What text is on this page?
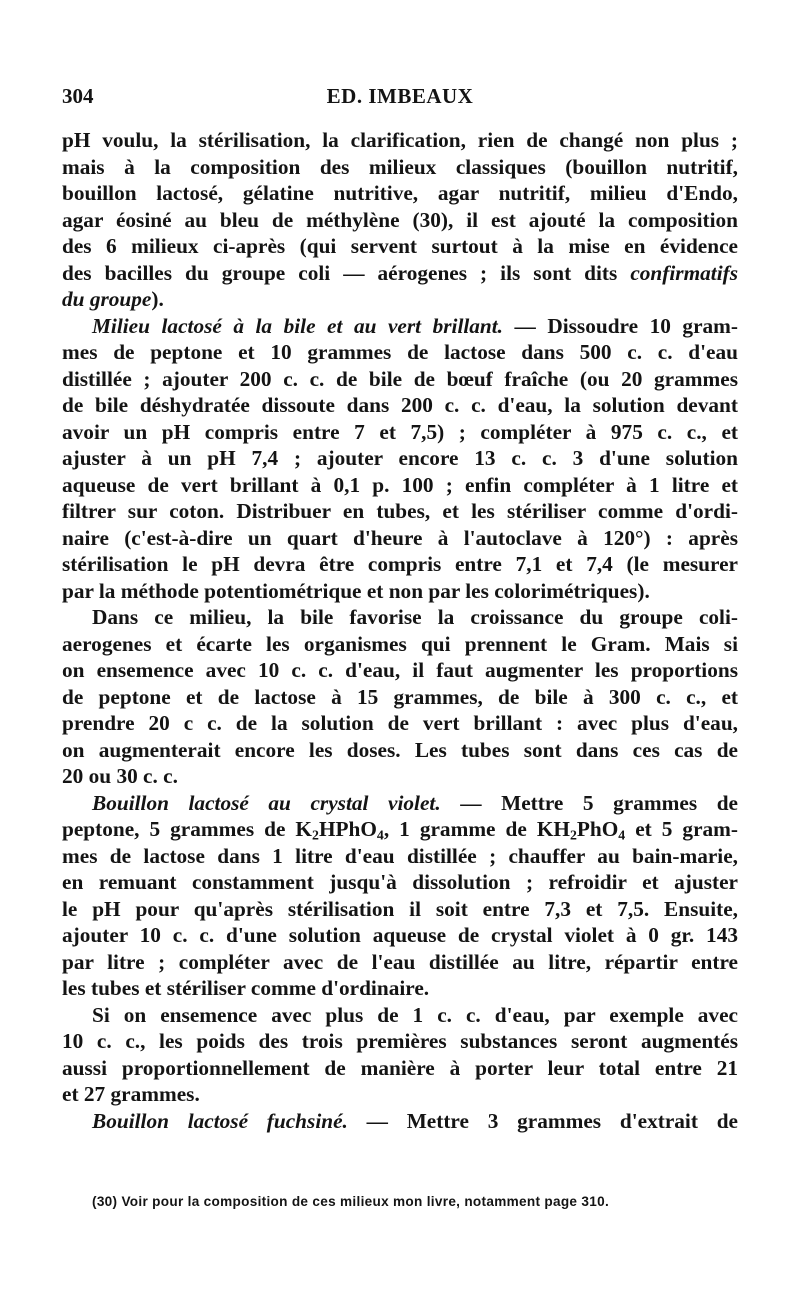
304	ED. IMBEAUX
pH voulu, la stérilisation, la clarification, rien de changé non plus ;
mais à la composition des milieux classiques (bouillon nutritif,
bouillon lactosé, gélatine nutritive, agar nutritif, milieu d'Endo,
agar éosiné au bleu de méthylène (30), il est ajouté la composition
des 6 milieux ci-après (qui servent surtout à la mise en évidence
des bacilles du groupe coli — aérogenes ; ils sont dits confirmatifs
du groupe).
Milieu lactosé à la bile et au vert brillant. — Dissoudre 10 gram-
mes de peptone et 10 grammes de lactose dans 500 c. c. d'eau
distillée ; ajouter 200 c. c. de bile de bœuf fraîche (ou 20 grammes
de bile déshydratée dissoute dans 200 c. c. d'eau, la solution devant
avoir un pH compris entre 7 et 7,5) ; compléter à 975 c. c., et
ajuster à un pH 7,4 ; ajouter encore 13 c. c. 3 d'une solution
aqueuse de vert brillant à 0,1 p. 100 ; enfin compléter à 1 litre et
filtrer sur coton. Distribuer en tubes, et les stériliser comme d'ordi-
naire (c'est-à-dire un quart d'heure à l'autoclave à 120°) : après
stérilisation le pH devra être compris entre 7,1 et 7,4 (le mesurer
par la méthode potentiométrique et non par les colorimétriques).
Dans ce milieu, la bile favorise la croissance du groupe coli-
aerogenes et écarte les organismes qui prennent le Gram. Mais si
on ensemence avec 10 c. c. d'eau, il faut augmenter les proportions
de peptone et de lactose à 15 grammes, de bile à 300 c. c., et
prendre 20 c c. de la solution de vert brillant : avec plus d'eau,
on augmenterait encore les doses. Les tubes sont dans ces cas de
20 ou 30 c. c.
Bouillon lactosé au crystal violet. — Mettre 5 grammes de
peptone, 5 grammes de $K_2HPhO_4$, 1 gramme de $KH_2PhO_4$ et 5 gram-
mes de lactose dans 1 litre d'eau distillée ; chauffer au bain-marie,
en remuant constamment jusqu'à dissolution ; refroidir et ajuster
le pH pour qu'après stérilisation il soit entre 7,3 et 7,5. Ensuite,
ajouter 10 c. c. d'une solution aqueuse de crystal violet à 0 gr. 143
par litre ; compléter avec de l'eau distillée au litre, répartir entre
les tubes et stériliser comme d'ordinaire.
Si on ensemence avec plus de 1 c. c. d'eau, par exemple avec
10 c. c., les poids des trois premières substances seront augmentés
aussi proportionnellement de manière à porter leur total entre 21
et 27 grammes.
Bouillon lactosé fuchsiné. — Mettre 3 grammes d'extrait de
(30) Voir pour la composition de ces milieux mon livre, notamment page 310.
